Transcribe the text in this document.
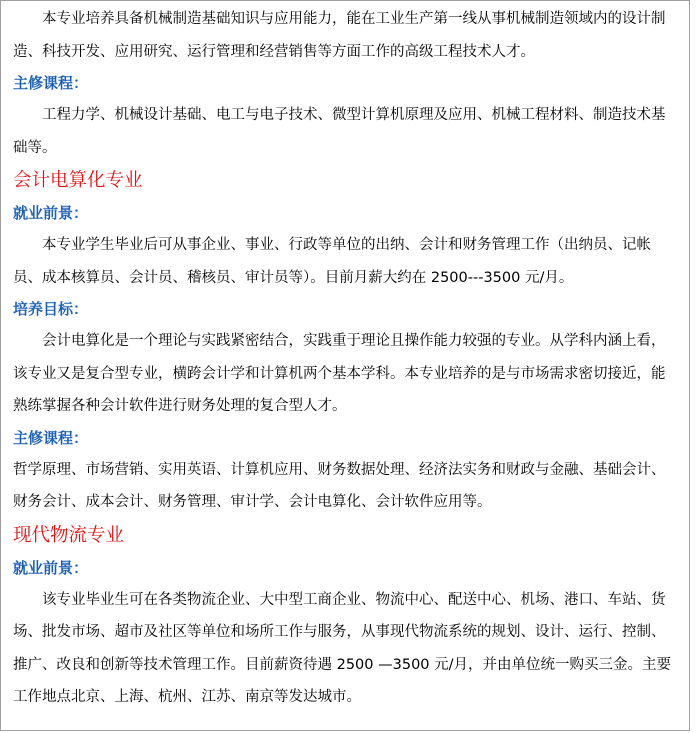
本专业培养具备机械制造基础知识与应用能力，能在工业生产第一线从事机械制造领域内的设计制造、科技开发、应用研究、运行管理和经营销售等方面工作的高级工程技术人才。

主修课程：

工程力学、机械设计基础、电工与电子技术、微型计算机原理及应用、机械工程材料、制造技术基础等。

会计电算化专业

就业前景：

本专业学生毕业后可从事企业、事业、行政等单位的出纳、会计和财务管理工作（出纳员、记帐员、成本核算员、会计员、稽核员、审计员等）。目前月薪大约在 2500---3500 元/月。

培养目标：

会计电算化是一个理论与实践紧密结合，实践重于理论且操作能力较强的专业。从学科内涵上看，该专业又是复合型专业，横跨会计学和计算机两个基本学科。本专业培养的是与市场需求密切接近，能熟练掌握各种会计软件进行财务处理的复合型人才。

主修课程：

哲学原理、市场营销、实用英语、计算机应用、财务数据处理、经济法实务和财政与金融、基础会计、财务会计、成本会计、财务管理、审计学、会计电算化、会计软件应用等。

现代物流专业

就业前景：

该专业毕业生可在各类物流企业、大中型工商企业、物流中心、配送中心、机场、港口、车站、货场、批发市场、超市及社区等单位和场所工作与服务，从事现代物流系统的规划、设计、运行、控制、推广、改良和创新等技术管理工作。目前薪资待遇 2500 —3500 元/月，并由单位统一购买三金。主要工作地点北京、上海、杭州、江苏、南京等发达城市。
